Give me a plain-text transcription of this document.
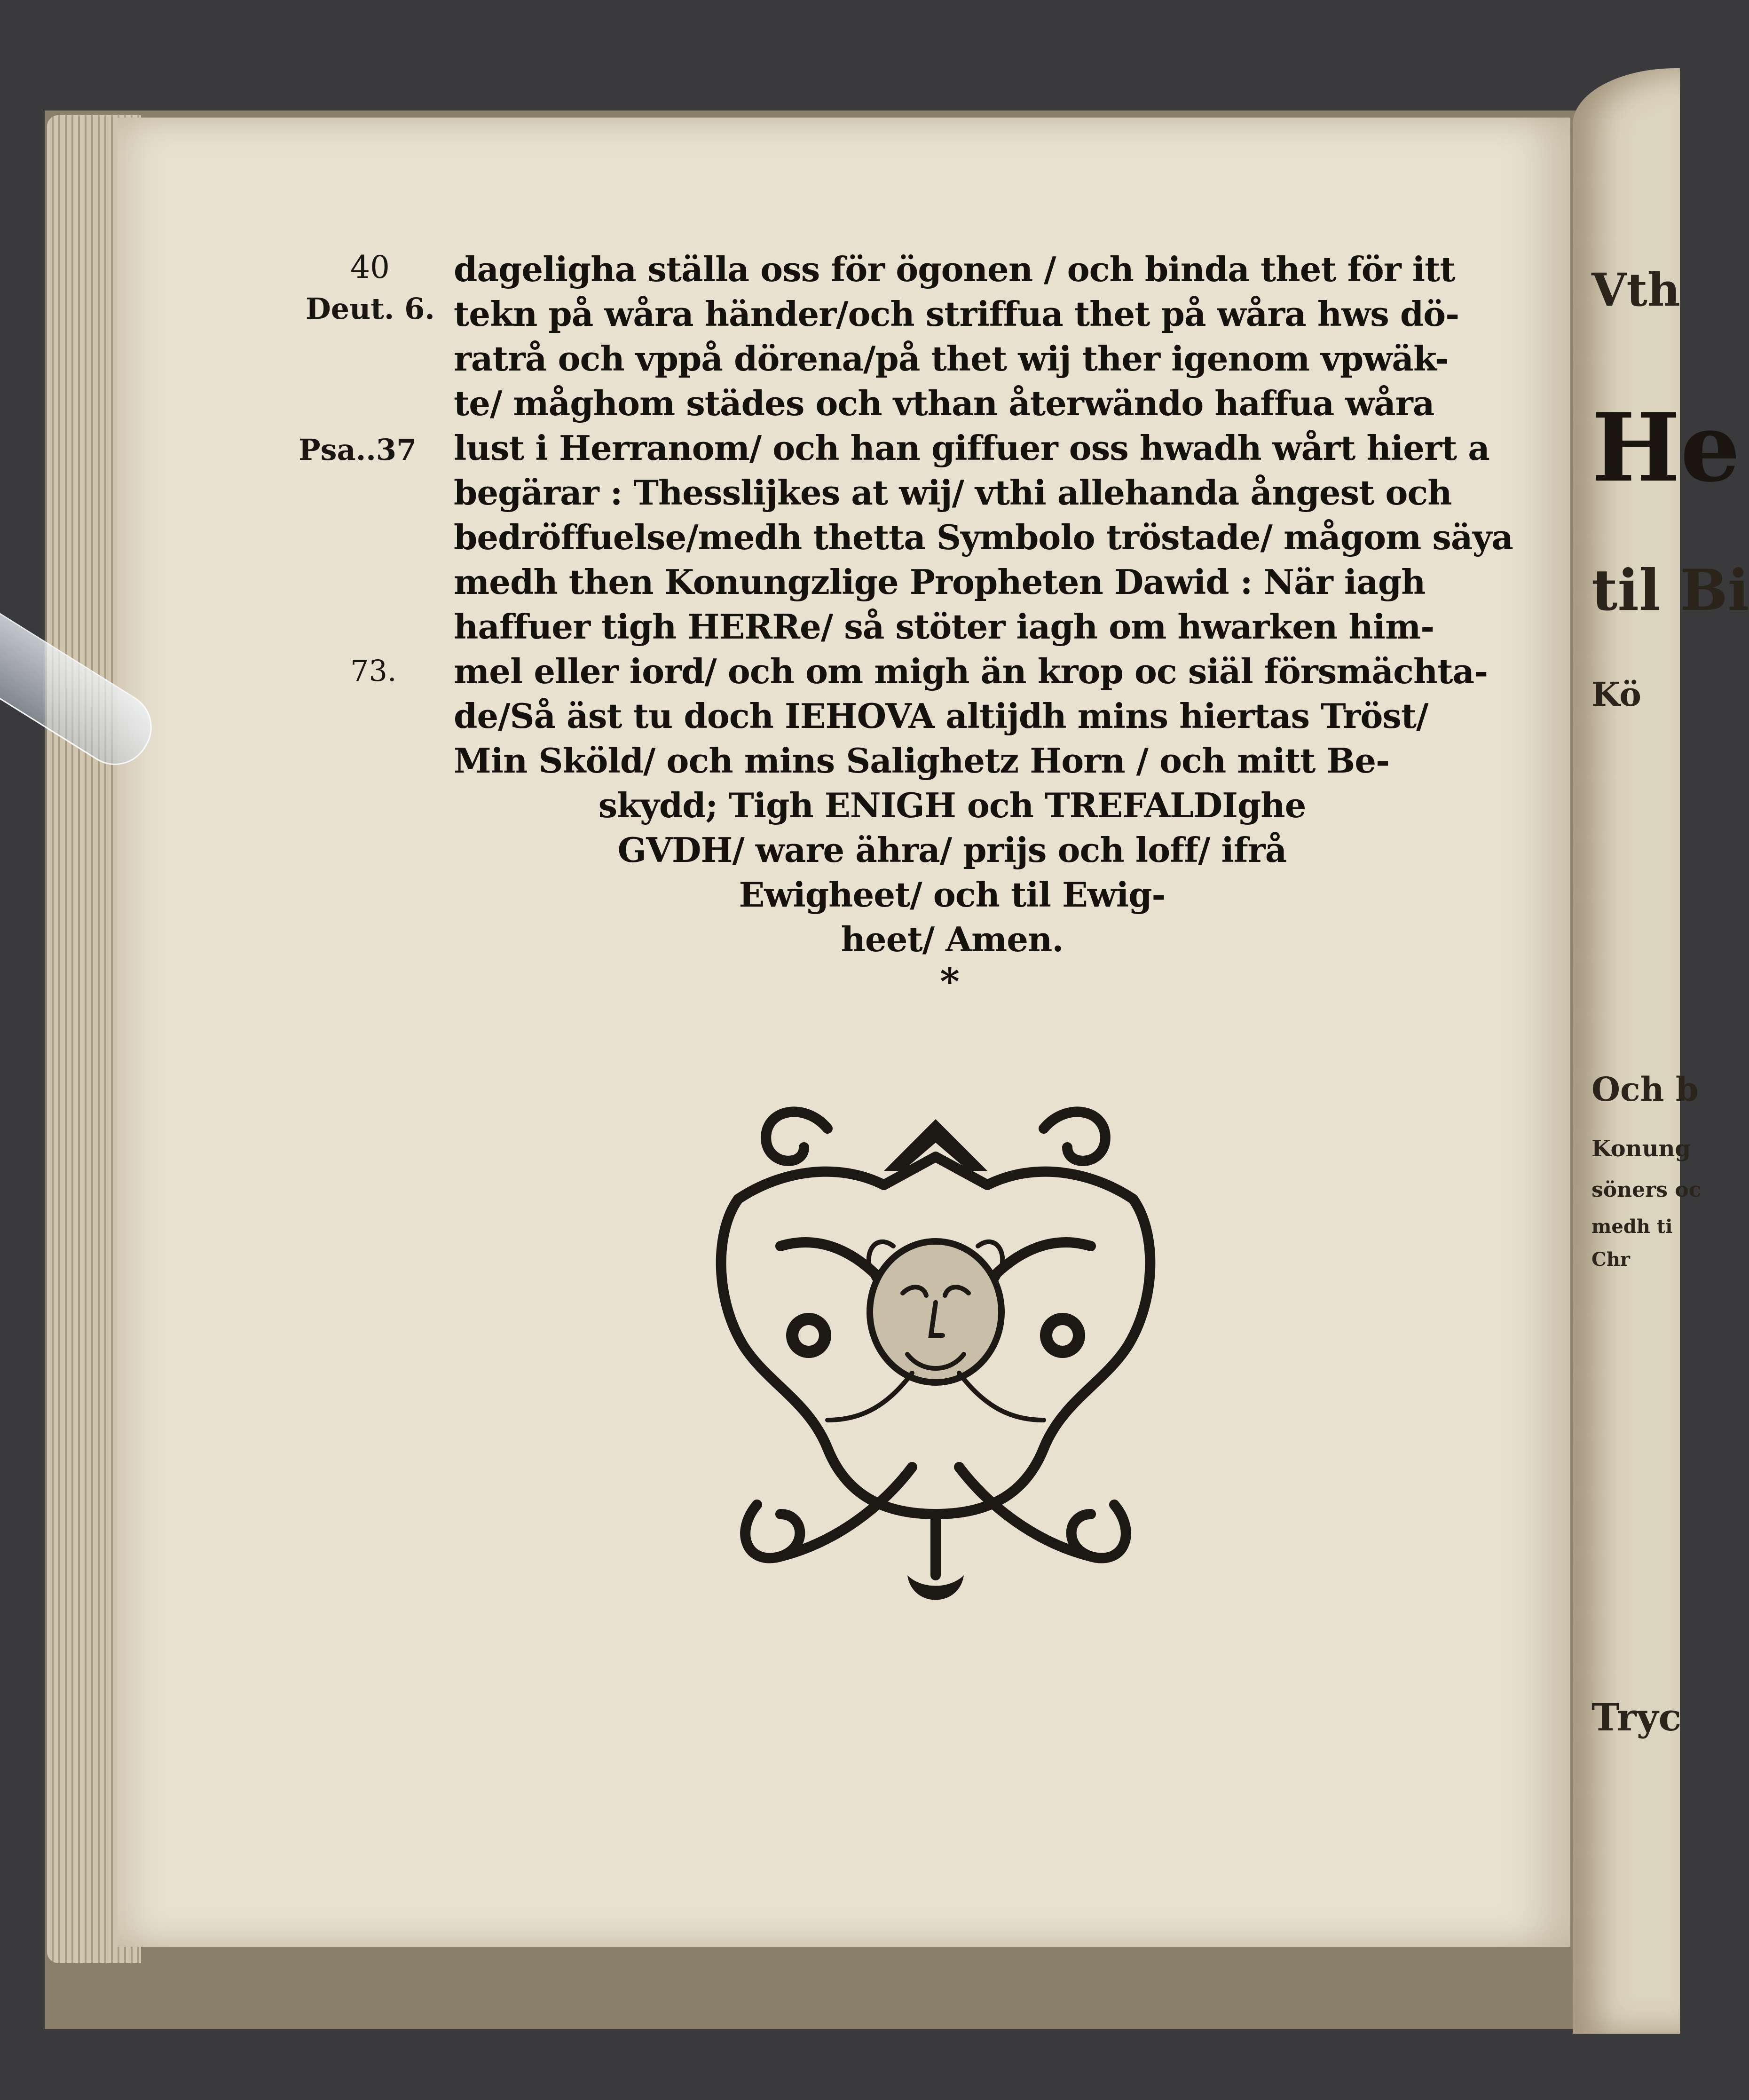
Vth
He
til Bi
Kö
Och b
Konung
söners oc
medh ti
Chr
Tryc
40
Deut. 6.
Psa..37
73.
dageligha ställa oss för ögonen / och binda thet för itt
tekn på wåra händer/och striffua thet på wåra hws dö-
ratrå och vppå dörena/på thet wij ther igenom vpwäk-
te/ måghom städes och vthan återwändo haffua wåra
lust i Herranom/ och han giffuer oss hwadh wårt hiert a
begärar : Thesslijkes at wij/ vthi allehanda ångest och
bedröffuelse/medh thetta Symbolo tröstade/ mågom säya
medh then Konungzlige Propheten Dawid : När iagh
haffuer tigh HERRe/ så stöter iagh om hwarken him-
mel eller iord/ och om migh än krop oc siäl försmächta-
de/Så äst tu doch IEHOVA altijdh mins hiertas Tröst/
Min Sköld/ och mins Salighetz Horn / och mitt Be-
skydd; Tigh ENIGH och TREFALDIghe
GVDH/ ware ähra/ prijs och loff/ ifrå
Ewigheet/ och til Ewig-
heet/ Amen.
*
